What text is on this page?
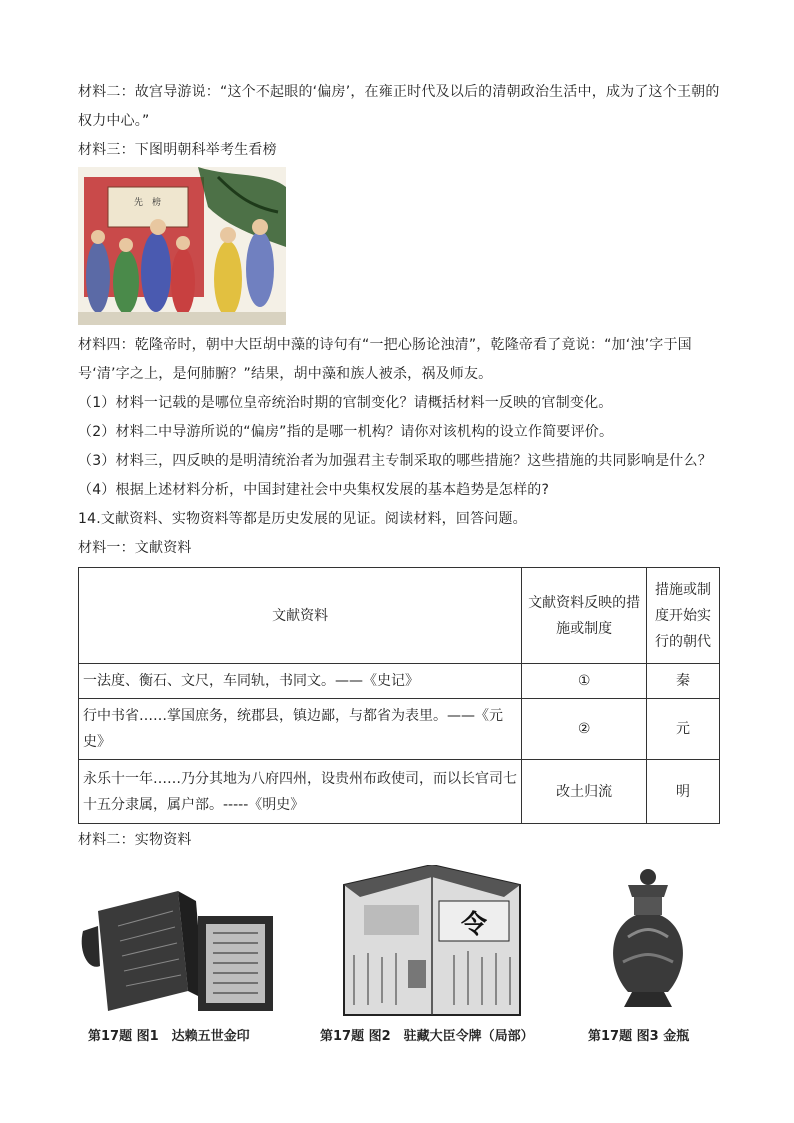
材料二：故宫导游说：“这个不起眼的‘偏房’，在雍正时代及以后的清朝政治生活中，成为了这个王朝的权力中心。”

材料三：下图明朝科举考生看榜

先　榜

材料四：乾隆帝时，朝中大臣胡中藻的诗句有“一把心肠论浊清”，乾隆帝看了竟说：“加‘浊’字于国号‘清’字之上，是何肺腑？”结果，胡中藻和族人被杀，祸及师友。

（1）材料一记载的是哪位皇帝统治时期的官制变化？请概括材料一反映的官制变化。

（2）材料二中导游所说的“偏房”指的是哪一机构？请你对该机构的设立作简要评价。

（3）材料三，四反映的是明清统治者为加强君主专制采取的哪些措施？这些措施的共同影响是什么？

（4）根据上述材料分析，中国封建社会中央集权发展的基本趋势是怎样的?

14.文献资料、实物资料等都是历史发展的见证。阅读材料，回答问题。

材料一：文献资料

文献资料	文献资料反映的措施或制度	措施或制度开始实行的朝代
一法度、衡石、文尺，车同轨，书同文。——《史记》	①	秦
行中书省……掌国庶务，统郡县，镇边鄙，与都省为表里。——《元史》	②	元
永乐十一年……乃分其地为八府四州，设贵州布政使司，而以长官司七十五分隶属，属户部。-----《明史》	改土归流	明

材料二：实物资料

第17题 图1　达赖五世金印
令
第17题 图2　驻藏大臣令牌（局部）	第17题 图3 金瓶
